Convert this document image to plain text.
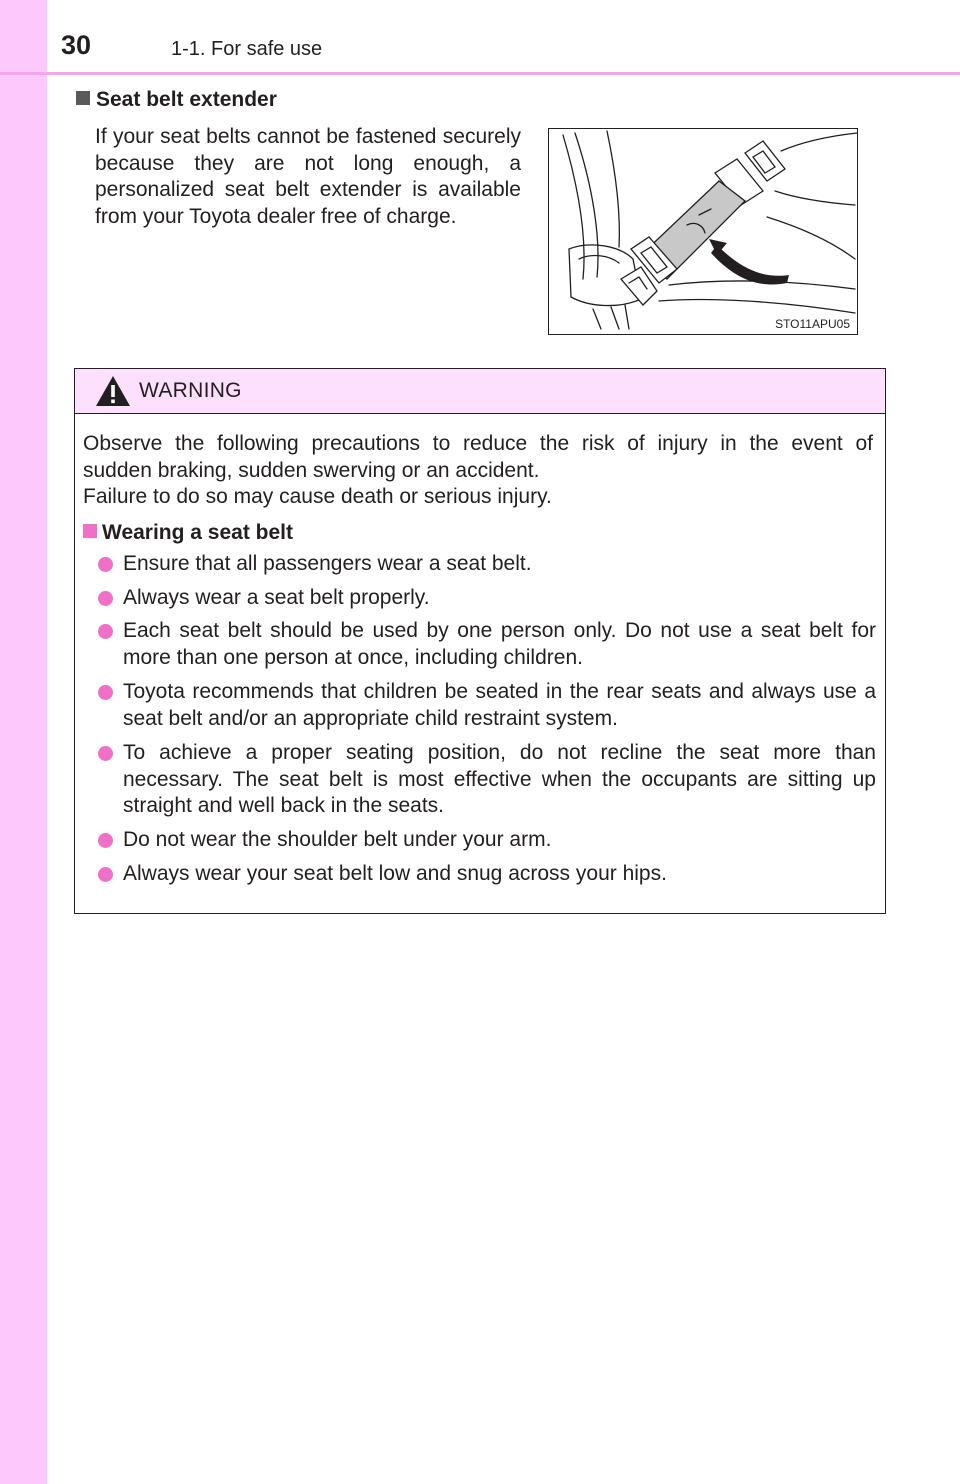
30	1-1. For safe use
Seat belt extender
If your seat belts cannot be fastened securely because they are not long enough, a personalized seat belt extender is available from your Toyota dealer free of charge.
STO11APU05
WARNING

Observe the following precautions to reduce the risk of injury in the event of

sudden braking, sudden swerving or an accident.

Failure to do so may cause death or serious injury.

Wearing a seat belt
Ensure that all passengers wear a seat belt.
Always wear a seat belt properly.
Each seat belt should be used by one person only. Do not use a seat belt for more than one person at once, including children.
Toyota recommends that children be seated in the rear seats and always use a seat belt and/or an appropriate child restraint system.
To achieve a proper seating position, do not recline the seat more than necessary. The seat belt is most effective when the occupants are sitting up straight and well back in the seats.
Do not wear the shoulder belt under your arm.
Always wear your seat belt low and snug across your hips.
